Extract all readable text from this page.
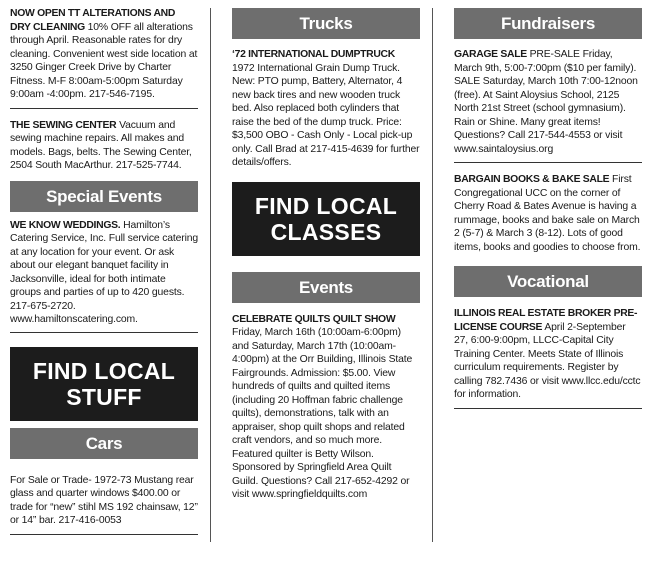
NOW OPEN TT ALTERATIONS AND DRY CLEANING 10% OFF all alterations through April. Reasonable rates for dry cleaning. Convenient west side location at 3250 Ginger Creek Drive by Charter Fitness. M-F 8:00am-5:00pm Saturday 9:00am -4:00pm. 217-546-7195.

THE SEWING CENTER Vacuum and sewing machine repairs. All makes and models. Bags, belts. The Sewing Center, 2504 South MacArthur. 217-525-7744.

Special Events

WE KNOW WEDDINGS. Hamilton’s Catering Service, Inc. Full service catering at any location for your event. Or ask about our elegant banquet facility in Jacksonville, ideal for both intimate groups and parties of up to 420 guests. 217-675-2720. www.hamiltonscatering.com.

FIND LOCAL
STUFF
Cars

For Sale or Trade- 1972-73 Mustang rear glass and quarter windows $400.00 or trade for “new” stihl MS 192 chainsaw, 12” or 14” bar. 217-416-0053

Trucks

‘72 INTERNATIONAL DUMPTRUCK 1972 International Grain Dump Truck. New: PTO pump, Battery, Alternator, 4 new back tires and new wooden truck bed. Also replaced both cylinders that raise the bed of the dump truck. Price: $3,500 OBO - Cash Only - Local pick-up only. Call Brad at 217-415-4639 for further details/offers.

FIND LOCAL
CLASSES
Events

CELEBRATE QUILTS QUILT SHOW Friday, March 16th (10:00am-6:00pm) and Saturday, March 17th (10:00am-4:00pm) at the Orr Building, Illinois State Fairgrounds. Admission: $5.00. View hundreds of quilts and quilted items (including 20 Hoffman fabric challenge quilts), demonstrations, talk with an appraiser, shop quilt shops and related craft vendors, and so much more. Featured quilter is Betty Wilson. Sponsored by Springfield Area Quilt Guild. Questions? Call 217-652-4292 or visit www.springfieldquilts.com

Fundraisers

GARAGE SALE PRE-SALE Friday, March 9th, 5:00-7:00pm ($10 per family). SALE Saturday, March 10th 7:00-12noon (free). At Saint Aloysius School, 2125 North 21st Street (school gymnasium). Rain or Shine. Many great items! Questions? Call 217-544-4553 or visit www.saintaloysius.org

BARGAIN BOOKS & BAKE SALE First Congregational UCC on the corner of Cherry Road & Bates Avenue is having a rummage, books and bake sale on March 2 (5-7) & March 3 (8-12). Lots of good items, books and goodies to choose from.

Vocational

ILLINOIS REAL ESTATE BROKER PRE-LICENSE COURSE April 2-September 27, 6:00-9:00pm, LLCC-Capital City Training Center. Meets State of Illinois curriculum requirements. Register by calling 782.7436 or visit www.llcc.edu/cctc for information.
